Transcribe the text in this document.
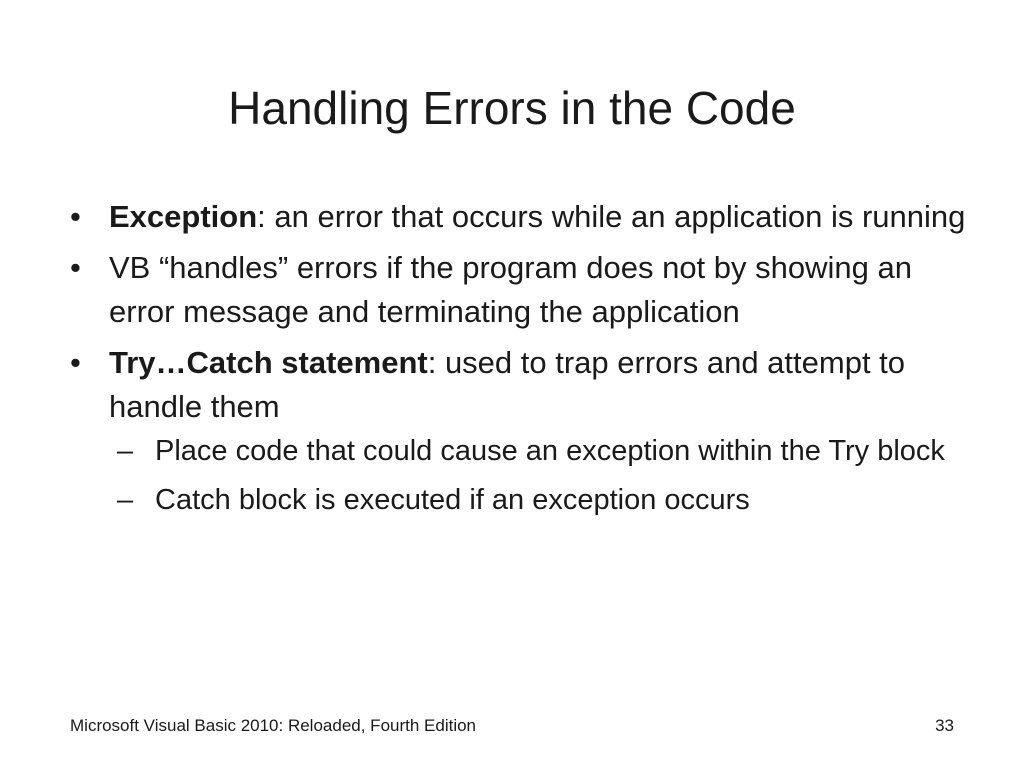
Handling Errors in the Code
• Exception: an error that occurs while an application is running
• VB “handles” errors if the program does not by showing an error message and terminating the application
• Try…Catch statement: used to trap errors and attempt to handle them
– Place code that could cause an exception within the Try block
– Catch block is executed if an exception occurs
Microsoft Visual Basic 2010: Reloaded, Fourth Edition	33
